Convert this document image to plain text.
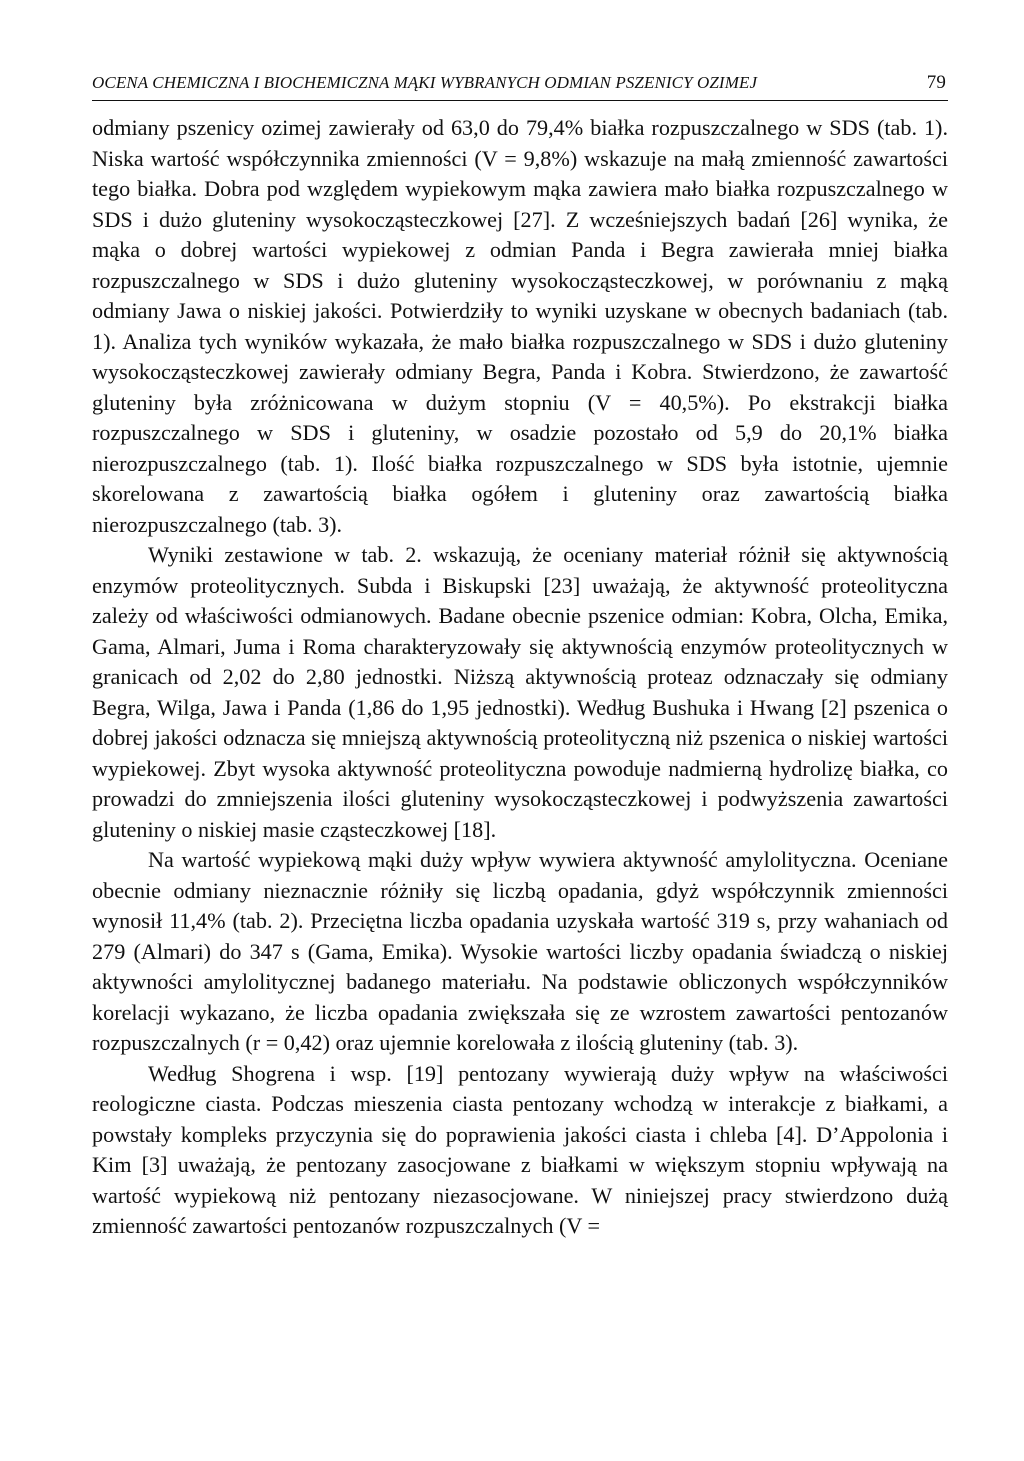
OCENA CHEMICZNA I BIOCHEMICZNA MĄKI WYBRANYCH ODMIAN PSZENICY OZIMEJ	79

odmiany pszenicy ozimej zawierały od 63,0 do 79,4% białka rozpuszczalnego w SDS (tab. 1). Niska wartość współczynnika zmienności (V = 9,8%) wskazuje na małą zmienność zawartości tego białka. Dobra pod względem wypiekowym mąka zawiera mało białka rozpuszczalnego w SDS i dużo gluteniny wysokocząsteczkowej [27]. Z wcześniejszych badań [26] wynika, że mąka o dobrej wartości wypiekowej z odmian Panda i Begra zawierała mniej białka rozpuszczalnego w SDS i dużo gluteniny wysokocząsteczkowej, w porównaniu z mąką odmiany Jawa o niskiej jakości. Potwierdziły to wyniki uzyskane w obecnych badaniach (tab. 1). Analiza tych wyników wykazała, że mało białka rozpuszczalnego w SDS i dużo gluteniny wysokocząsteczkowej zawierały odmiany Begra, Panda i Kobra. Stwierdzono, że zawartość gluteniny była zróżnicowana w dużym stopniu (V = 40,5%). Po ekstrakcji białka rozpuszczalnego w SDS i gluteniny, w osadzie pozostało od 5,9 do 20,1% białka nierozpuszczalnego (tab. 1). Ilość białka rozpuszczalnego w SDS była istotnie, ujemnie skorelowana z zawartością białka ogółem i gluteniny oraz zawartością białka nierozpuszczalnego (tab. 3).

Wyniki zestawione w tab. 2. wskazują, że oceniany materiał różnił się aktywnością enzymów proteolitycznych. Subda i Biskupski [23] uważają, że aktywność proteolityczna zależy od właściwości odmianowych. Badane obecnie pszenice odmian: Kobra, Olcha, Emika, Gama, Almari, Juma i Roma charakteryzowały się aktywnością enzymów proteolitycznych w granicach od 2,02 do 2,80 jednostki. Niższą aktywnością proteaz odznaczały się odmiany Begra, Wilga, Jawa i Panda (1,86 do 1,95 jednostki). Według Bushuka i Hwang [2] pszenica o dobrej jakości odznacza się mniejszą aktywnością proteolityczną niż pszenica o niskiej wartości wypiekowej. Zbyt wysoka aktywność proteolityczna powoduje nadmierną hydrolizę białka, co prowadzi do zmniejszenia ilości gluteniny wysokocząsteczkowej i podwyższenia zawartości gluteniny o niskiej masie cząsteczkowej [18].

Na wartość wypiekową mąki duży wpływ wywiera aktywność amylolityczna. Oceniane obecnie odmiany nieznacznie różniły się liczbą opadania, gdyż współczynnik zmienności wynosił 11,4% (tab. 2). Przeciętna liczba opadania uzyskała wartość 319 s, przy wahaniach od 279 (Almari) do 347 s (Gama, Emika). Wysokie wartości liczby opadania świadczą o niskiej aktywności amylolitycznej badanego materiału. Na podstawie obliczonych współczynników korelacji wykazano, że liczba opadania zwiększała się ze wzrostem zawartości pentozanów rozpuszczalnych (r = 0,42) oraz ujemnie korelowała z ilością gluteniny (tab. 3).

Według Shogrena i wsp. [19] pentozany wywierają duży wpływ na właściwości reologiczne ciasta. Podczas mieszenia ciasta pentozany wchodzą w interakcje z białkami, a powstały kompleks przyczynia się do poprawienia jakości ciasta i chleba [4]. D’Appolonia i Kim [3] uważają, że pentozany zasocjowane z białkami w większym stopniu wpływają na wartość wypiekową niż pentozany niezasocjowane. W niniejszej pracy stwierdzono dużą zmienność zawartości pentozanów rozpuszczalnych (V =
